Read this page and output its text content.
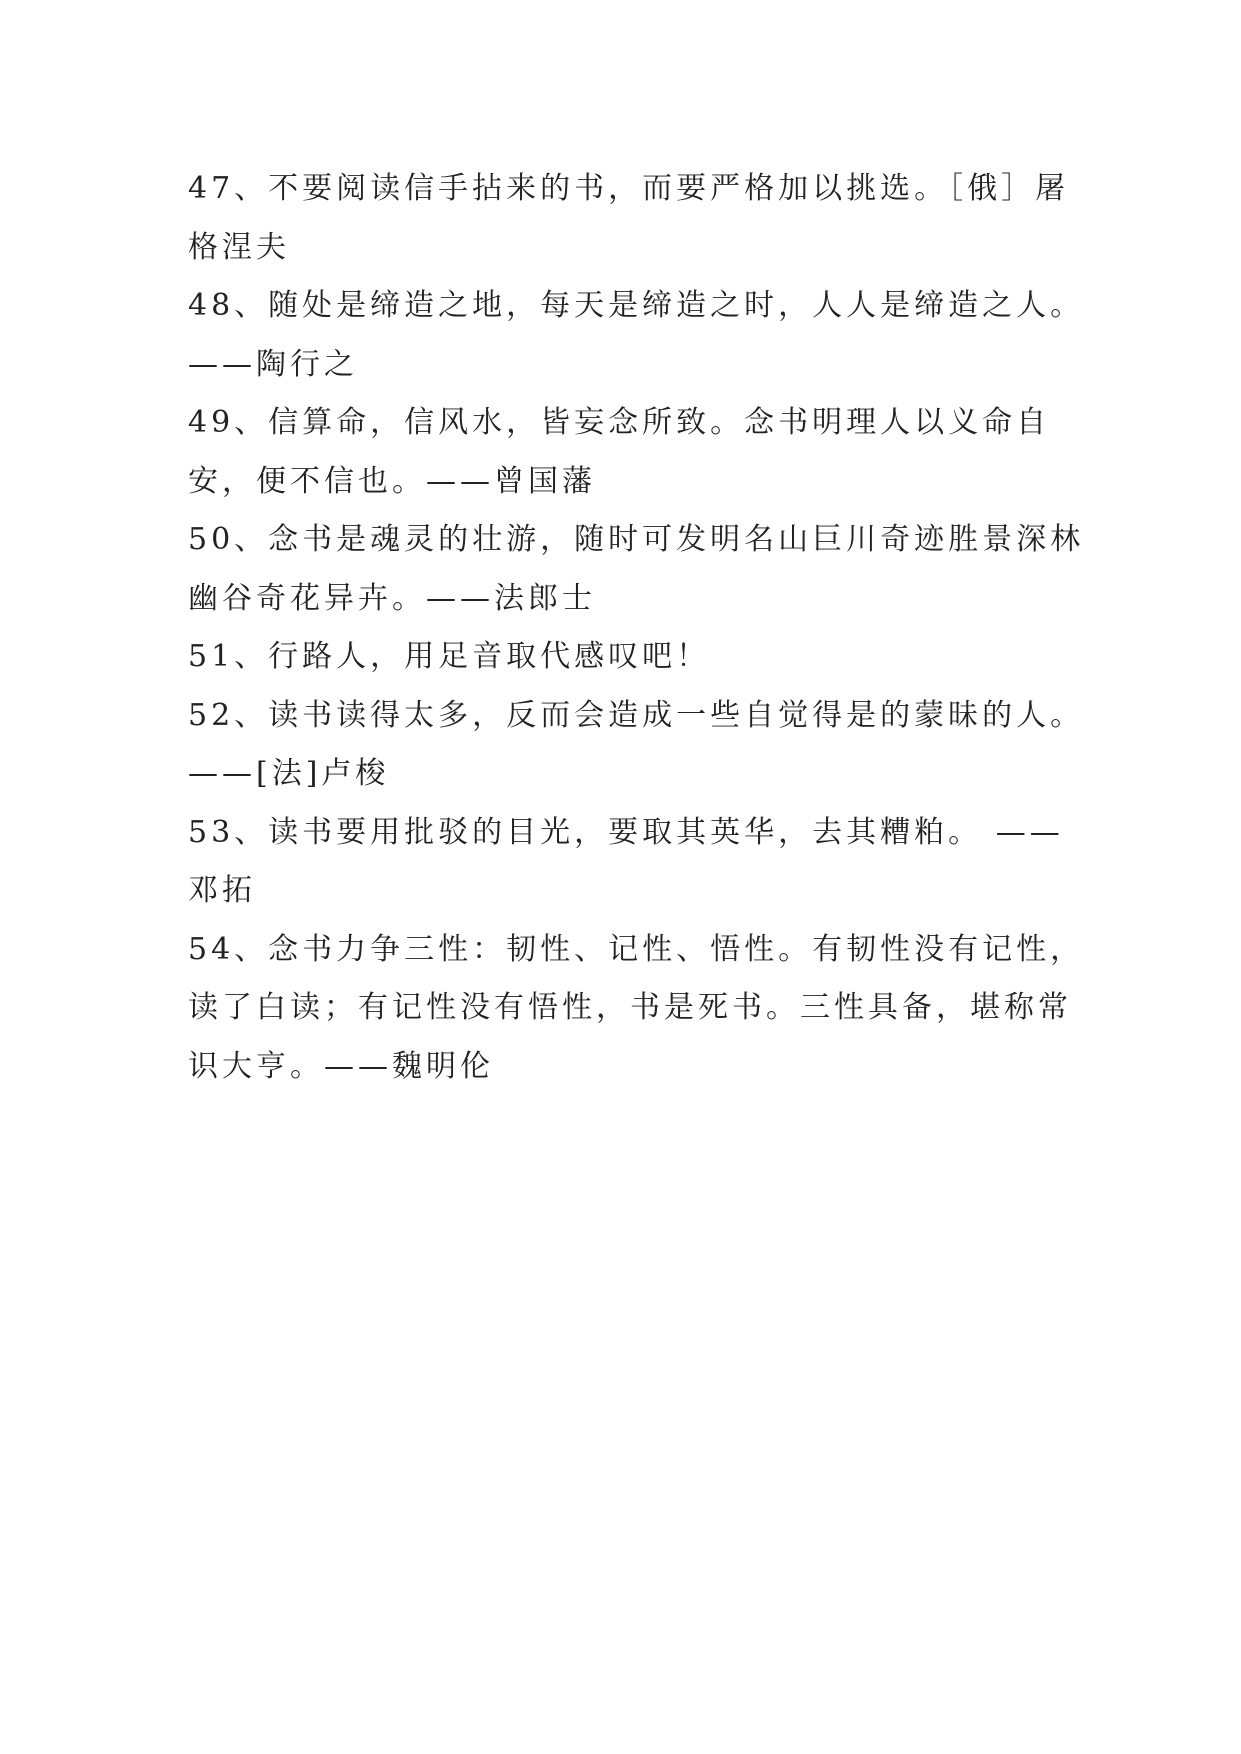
47、不要阅读信手拈来的书，而要严格加以挑选。［俄］屠格涅夫

48、随处是缔造之地，每天是缔造之时，人人是缔造之人。——陶行之

49、信算命，信风水，皆妄念所致。念书明理人以义命自安，便不信也。——曾国藩

50、念书是魂灵的壮游，随时可发明名山巨川奇迹胜景深林幽谷奇花异卉。——法郎士

51、行路人，用足音取代感叹吧！

52、读书读得太多，反而会造成一些自觉得是的蒙昧的人。——[法]卢梭

53、读书要用批驳的目光，要取其英华，去其糟粕。 ——邓拓

54、念书力争三性：韧性、记性、悟性。有韧性没有记性，读了白读；有记性没有悟性，书是死书。三性具备，堪称常识大亨。——魏明伦
